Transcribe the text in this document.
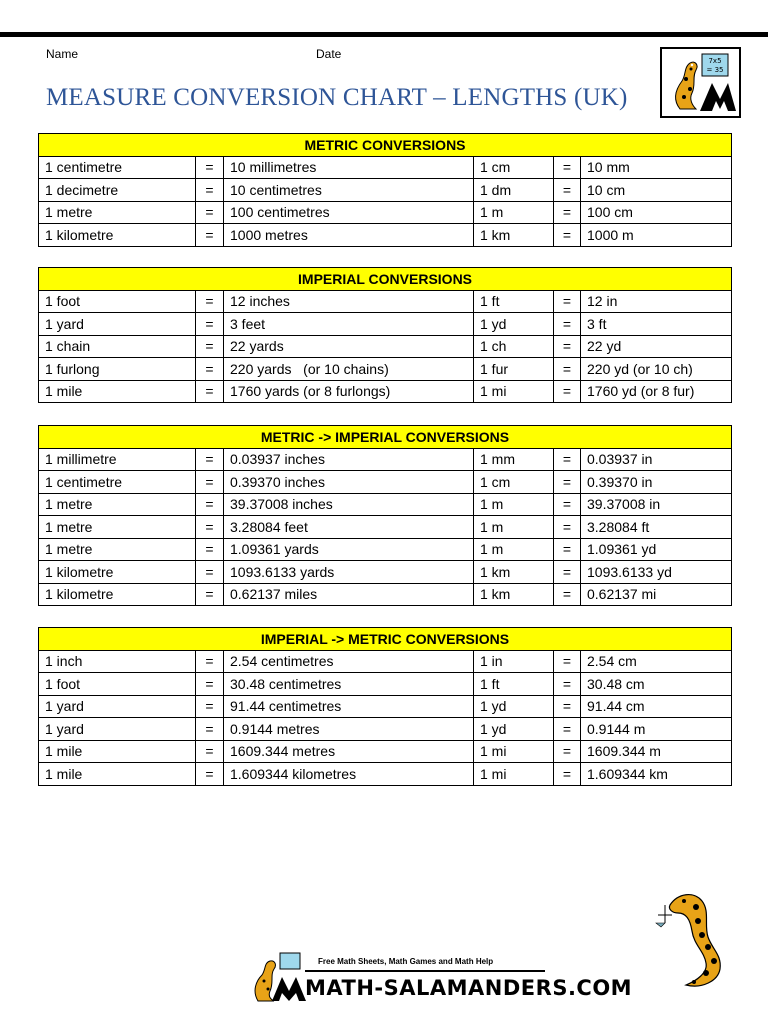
Name	Date
MEASURE CONVERSION CHART – LENGTHS (UK)
7x5
= 35
METRIC CONVERSIONS					
1 centimetre	=	10 millimetres	1 cm	=	10 mm
1 decimetre	=	10 centimetres	1 dm	=	10 cm
1 metre	=	100 centimetres	1 m	=	100 cm
1 kilometre	=	1000 metres	1 km	=	1000 m
IMPERIAL CONVERSIONS					
1 foot	=	12 inches	1 ft	=	12 in
1 yard	=	3 feet	1 yd	=	3 ft
1 chain	=	22 yards	1 ch	=	22 yd
1 furlong	=	220 yards   (or 10 chains)	1 fur	=	220 yd (or 10 ch)
1 mile	=	1760 yards (or 8 furlongs)	1 mi	=	1760 yd (or 8 fur)
METRIC -> IMPERIAL CONVERSIONS					
1 millimetre	=	0.03937 inches	1 mm	=	0.03937 in
1 centimetre	=	0.39370 inches	1 cm	=	0.39370 in
1 metre	=	39.37008 inches	1 m	=	39.37008 in
1 metre	=	3.28084 feet	1 m	=	3.28084 ft
1 metre	=	1.09361 yards	1 m	=	1.09361 yd
1 kilometre	=	1093.6133 yards	1 km	=	1093.6133 yd
1 kilometre	=	0.62137 miles	1 km	=	0.62137 mi
IMPERIAL -> METRIC CONVERSIONS					
1 inch	=	2.54 centimetres	1 in	=	2.54 cm
1 foot	=	30.48 centimetres	1 ft	=	30.48 cm
1 yard	=	91.44 centimetres	1 yd	=	91.44 cm
1 yard	=	0.9144 metres	1 yd	=	0.9144 m
1 mile	=	1609.344 metres	1 mi	=	1609.344 m
1 mile	=	1.609344 kilometres	1 mi	=	1.609344 km
Free Math Sheets, Math Games and Math Help
MATH-SALAMANDERS.COM
